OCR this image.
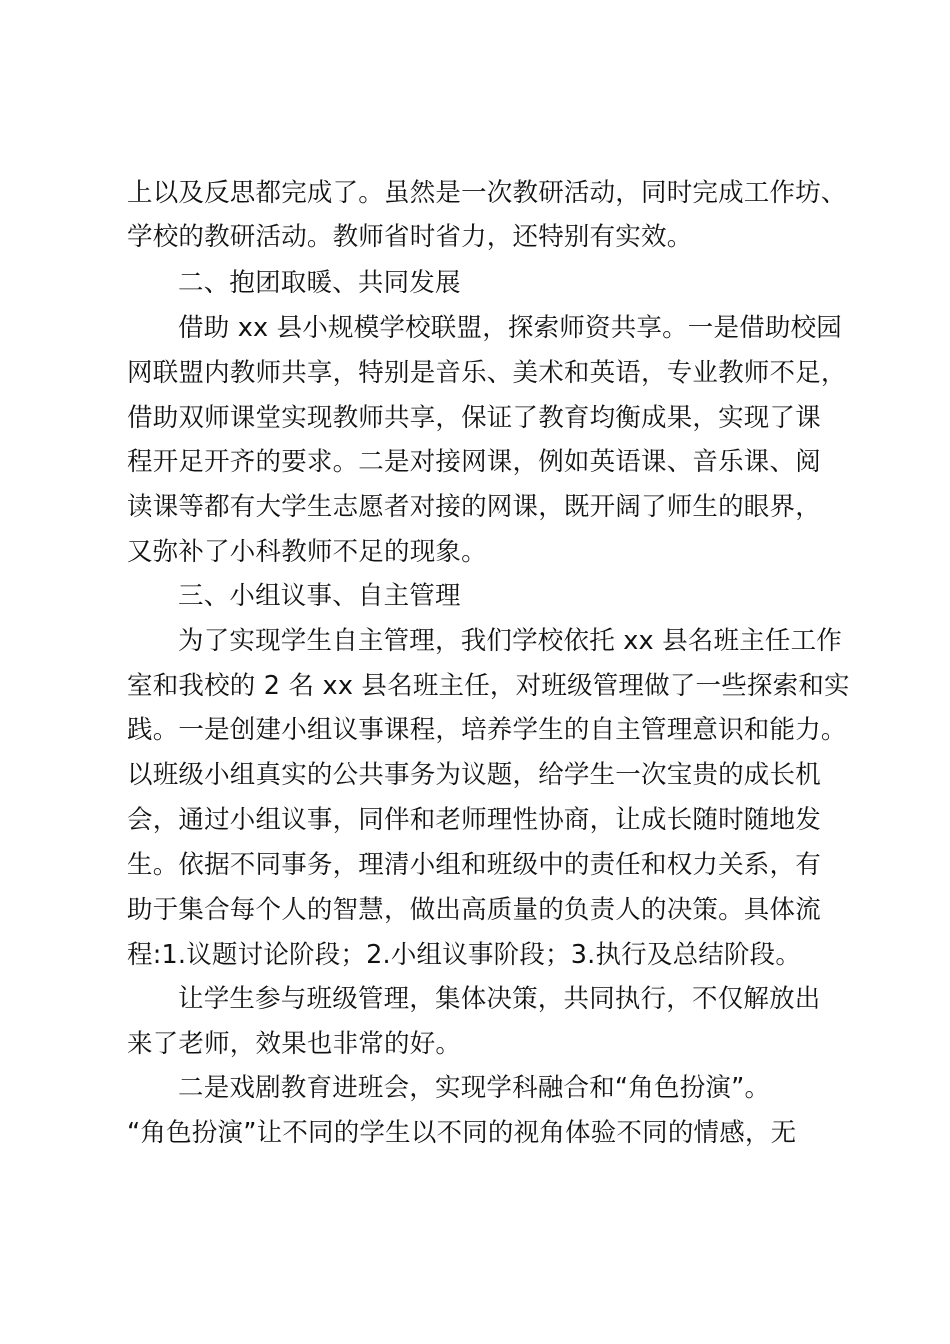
上以及反思都完成了。虽然是一次教研活动，同时完成工作坊、
学校的教研活动。教师省时省力，还特别有实效。
二、抱团取暖、共同发展
借助 xx 县小规模学校联盟，探索师资共享。一是借助校园
网联盟内教师共享，特别是音乐、美术和英语，专业教师不足，
借助双师课堂实现教师共享，保证了教育均衡成果，实现了课
程开足开齐的要求。二是对接网课，例如英语课、音乐课、阅
读课等都有大学生志愿者对接的网课，既开阔了师生的眼界，
又弥补了小科教师不足的现象。
三、小组议事、自主管理
为了实现学生自主管理，我们学校依托 xx 县名班主任工作
室和我校的 2 名 xx 县名班主任，对班级管理做了一些探索和实
践。一是创建小组议事课程，培养学生的自主管理意识和能力。
以班级小组真实的公共事务为议题，给学生一次宝贵的成长机
会，通过小组议事，同伴和老师理性协商，让成长随时随地发
生。依据不同事务，理清小组和班级中的责任和权力关系，有
助于集合每个人的智慧，做出高质量的负责人的决策。具体流
程:1.议题讨论阶段；2.小组议事阶段；3.执行及总结阶段。
让学生参与班级管理，集体决策，共同执行，不仅解放出
来了老师，效果也非常的好。
二是戏剧教育进班会，实现学科融合和“角色扮演”。
“角色扮演”让不同的学生以不同的视角体验不同的情感，无
